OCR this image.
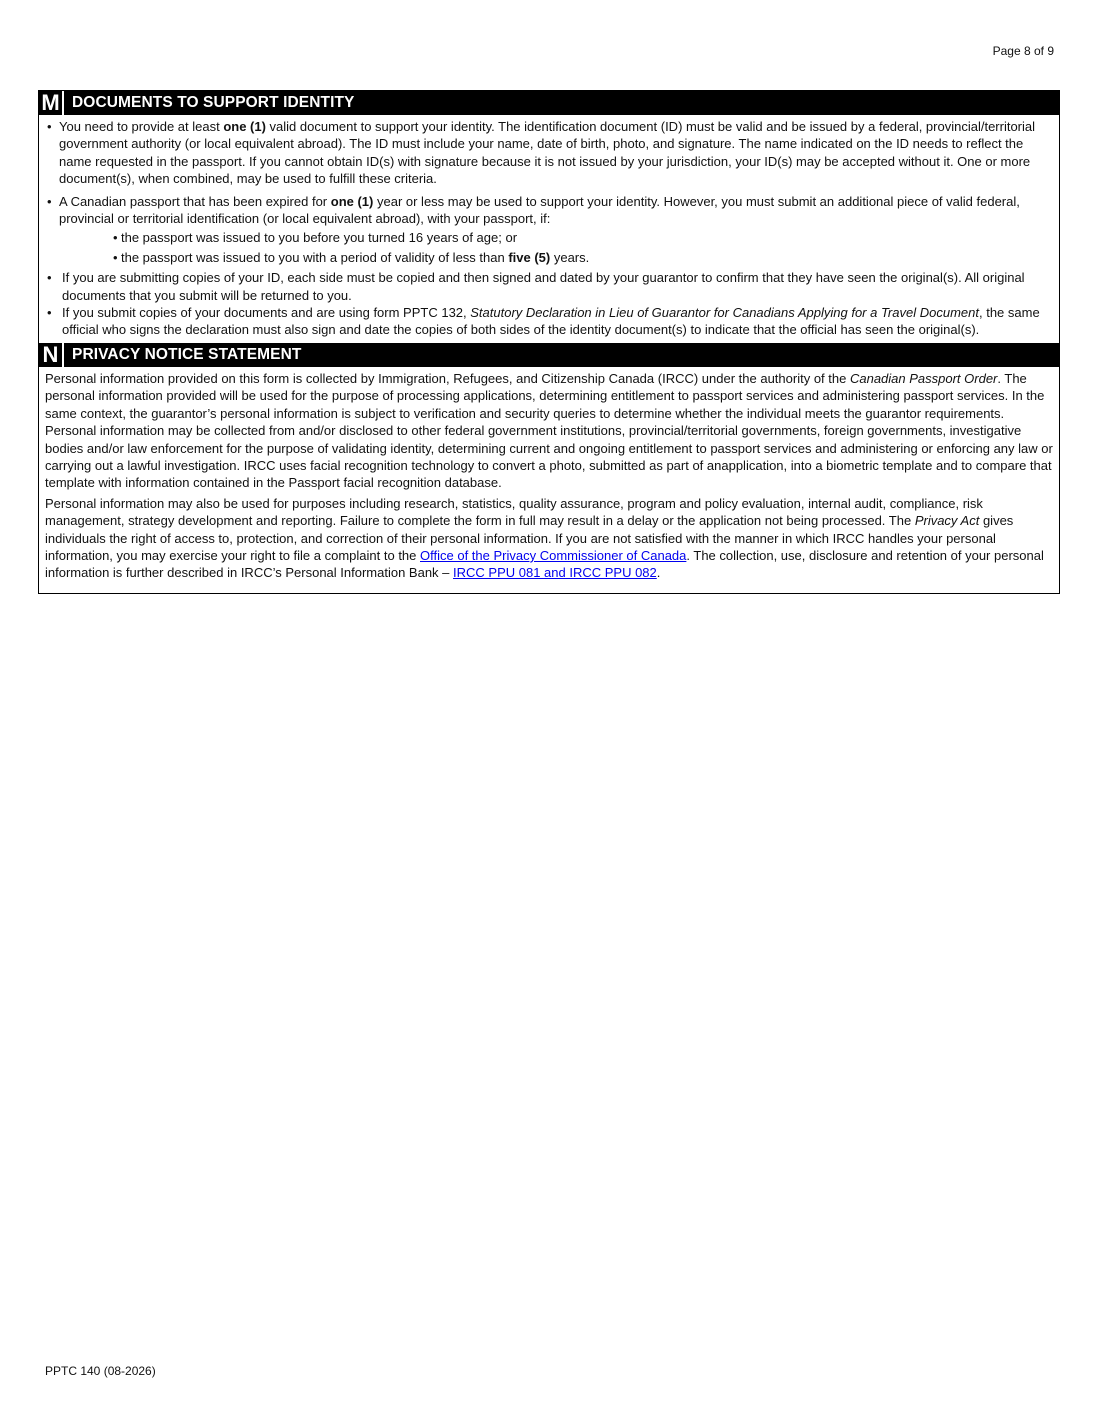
Page 8 of 9
M DOCUMENTS TO SUPPORT IDENTITY
• You need to provide at least one (1) valid document to support your identity. The identification document (ID) must be valid and be issued by a federal, provincial/territorial government authority (or local equivalent abroad). The ID must include your name, date of birth, photo, and signature. The name indicated on the ID needs to reflect the name requested in the passport. If you cannot obtain ID(s) with signature because it is not issued by your jurisdiction, your ID(s) may be accepted without it. One or more document(s), when combined, may be used to fulfill these criteria.
• A Canadian passport that has been expired for one (1) year or less may be used to support your identity. However, you must submit an additional piece of valid federal, provincial or territorial identification (or local equivalent abroad), with your passport, if:
• the passport was issued to you before you turned 16 years of age; or
• the passport was issued to you with a period of validity of less than five (5) years.
• If you are submitting copies of your ID, each side must be copied and then signed and dated by your guarantor to confirm that they have seen the original(s). All original documents that you submit will be returned to you.
• If you submit copies of your documents and are using form PPTC 132, Statutory Declaration in Lieu of Guarantor for Canadians Applying for a Travel Document, the same official who signs the declaration must also sign and date the copies of both sides of the identity document(s) to indicate that the official has seen the original(s).
N PRIVACY NOTICE STATEMENT
Personal information provided on this form is collected by Immigration, Refugees, and Citizenship Canada (IRCC) under the authority of the Canadian Passport Order. The personal information provided will be used for the purpose of processing applications, determining entitlement to passport services and administering passport services. In the same context, the guarantor’s personal information is subject to verification and security queries to determine whether the individual meets the guarantor requirements. Personal information may be collected from and/or disclosed to other federal government institutions, provincial/territorial governments, foreign governments, investigative bodies and/or law enforcement for the purpose of validating identity, determining current and ongoing entitlement to passport services and administering or enforcing any law or carrying out a lawful investigation. IRCC uses facial recognition technology to convert a photo, submitted as part of anapplication, into a biometric template and to compare that template with information contained in the Passport facial recognition database.
Personal information may also be used for purposes including research, statistics, quality assurance, program and policy evaluation, internal audit, compliance, risk management, strategy development and reporting. Failure to complete the form in full may result in a delay or the application not being processed. The Privacy Act gives individuals the right of access to, protection, and correction of their personal information. If you are not satisfied with the manner in which IRCC handles your personal information, you may exercise your right to file a complaint to the Office of the Privacy Commissioner of Canada. The collection, use, disclosure and retention of your personal information is further described in IRCC’s Personal Information Bank – IRCC PPU 081 and IRCC PPU 082.
PPTC 140 (08-2026)
